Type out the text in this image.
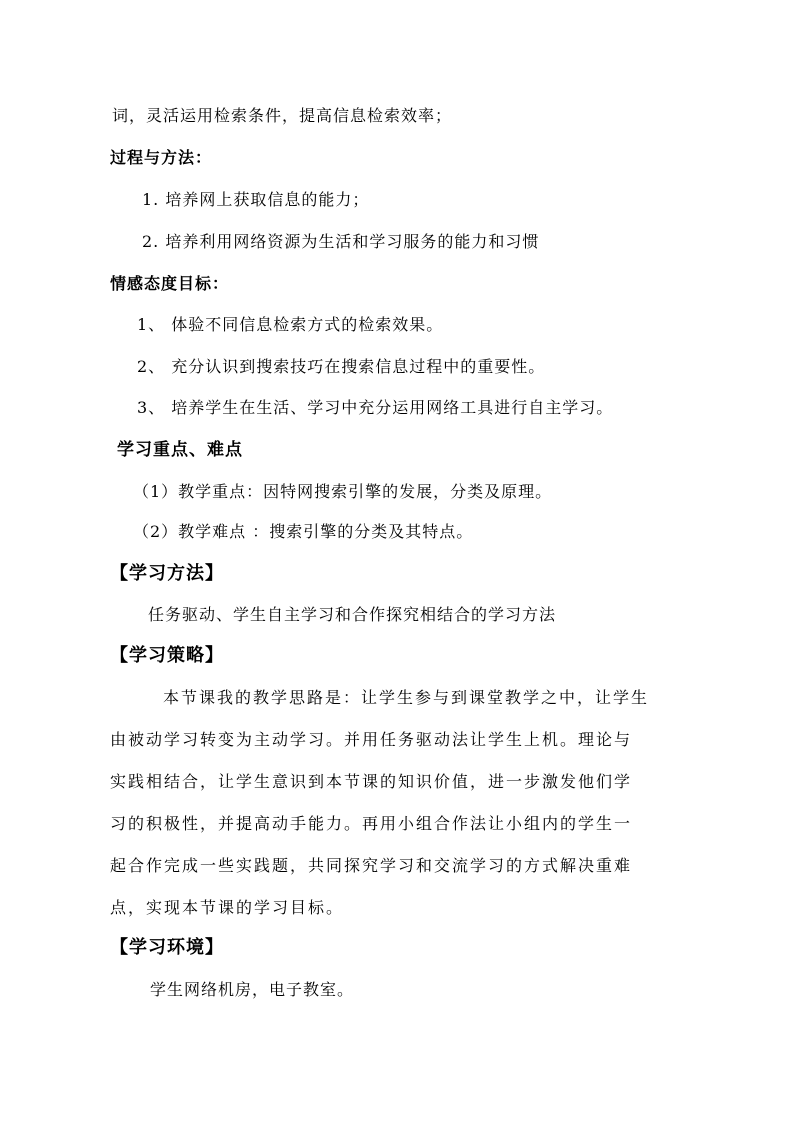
词，灵活运用检索条件，提高信息检索效率；
过程与方法：
1. 培养网上获取信息的能力；
2. 培养利用网络资源为生活和学习服务的能力和习惯
情感态度目标：
1、 体验不同信息检索方式的检索效果。
2、 充分认识到搜索技巧在搜索信息过程中的重要性。
3、 培养学生在生活、学习中充分运用网络工具进行自主学习。
学习重点、难点
（1）教学重点：因特网搜索引擎的发展，分类及原理。
（2）教学难点 ：搜索引擎的分类及其特点。
【学习方法】
任务驱动、学生自主学习和合作探究相结合的学习方法
【学习策略】
本节课我的教学思路是：让学生参与到课堂教学之中，让学生
由被动学习转变为主动学习。并用任务驱动法让学生上机。理论与
实践相结合，让学生意识到本节课的知识价值，进一步激发他们学
习的积极性，并提高动手能力。再用小组合作法让小组内的学生一
起合作完成一些实践题，共同探究学习和交流学习的方式解决重难
点，实现本节课的学习目标。
【学习环境】
学生网络机房，电子教室。
